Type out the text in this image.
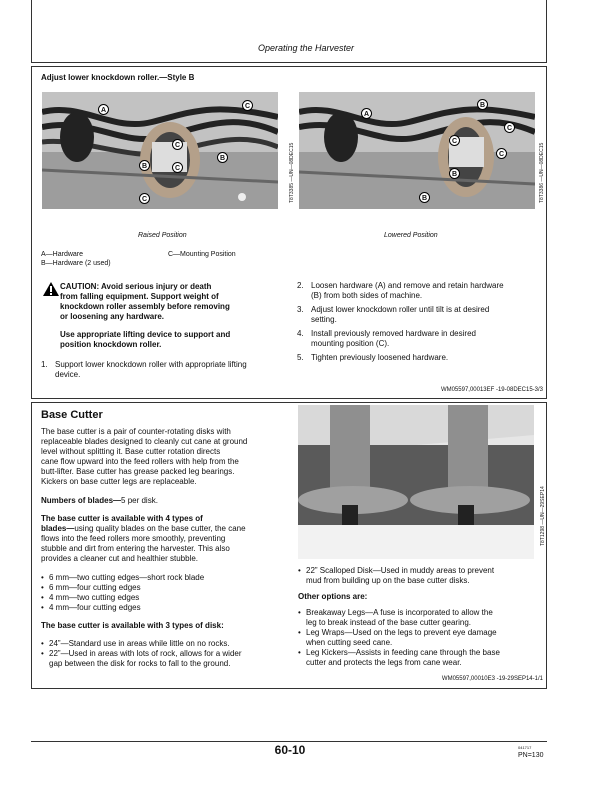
Operating the Harvester
Adjust lower knockdown roller.—Style B
A
C
C
C
B
B
C	T8T3385 —UN—08DEC15
Raised Position
B
C
A
C
C
B
B	T8T3386 —UN—08DEC15
Lowered Position
A—Hardware
B—Hardware (2 used)
C—Mounting Position
CAUTION: Avoid serious injury or death
from falling equipment. Support weight of
knockdown roller assembly before removing
or loosening any hardware.
Use appropriate lifting device to support and
position knockdown roller.
1. Support lower knockdown roller with appropriate lifting
device.
2. Loosen hardware (A) and remove and retain hardware
(B) from both sides of machine.
3. Adjust lower knockdown roller until tilt is at desired
setting.
4. Install previously removed hardware in desired
mounting position (C).
5. Tighten previously loosened hardware.
WM05597,00013EF -19-08DEC15-3/3
Base Cutter
The base cutter is a pair of counter-rotating disks with
replaceable blades designed to cleanly cut cane at ground
level without splitting it. Base cutter rotation directs
cane flow upward into the feed rollers with help from the
butt-lifter. Base cutter has grease packed leg bearings.
Kickers on base cutter legs are replaceable.
Numbers of blades—5 per disk.
The base cutter is available with 4 types of
blades—using quality blades on the base cutter, the cane
flows into the feed rollers more smoothly, preventing
stubble and dirt from entering the harvester. This also
provides a cleaner cut and healthier stubble.
• 6 mm—two cutting edges—short rock blade
• 6 mm—four cutting edges
• 4 mm—two cutting edges
• 4 mm—four cutting edges
The base cutter is available with 3 types of disk:
• 24”—Standard use in areas while little on no rocks.
• 22”—Used in areas with lots of rock, allows for a wider
gap between the disk for rocks to fall to the ground.
T8T1298 —UN—29SEP14
• 22” Scalloped Disk—Used in muddy areas to prevent
mud from building up on the base cutter disks.
Other options are:
• Breakaway Legs—A fuse is incorporated to allow the
leg to break instead of the base cutter gearing.
• Leg Wraps—Used on the legs to prevent eye damage
when cutting seed cane.
• Leg Kickers—Assists in feeding cane through the base
cutter and protects the legs from cane wear.
WM05597,00010E3 -19-29SEP14-1/1
60-10	041717
PN=130
